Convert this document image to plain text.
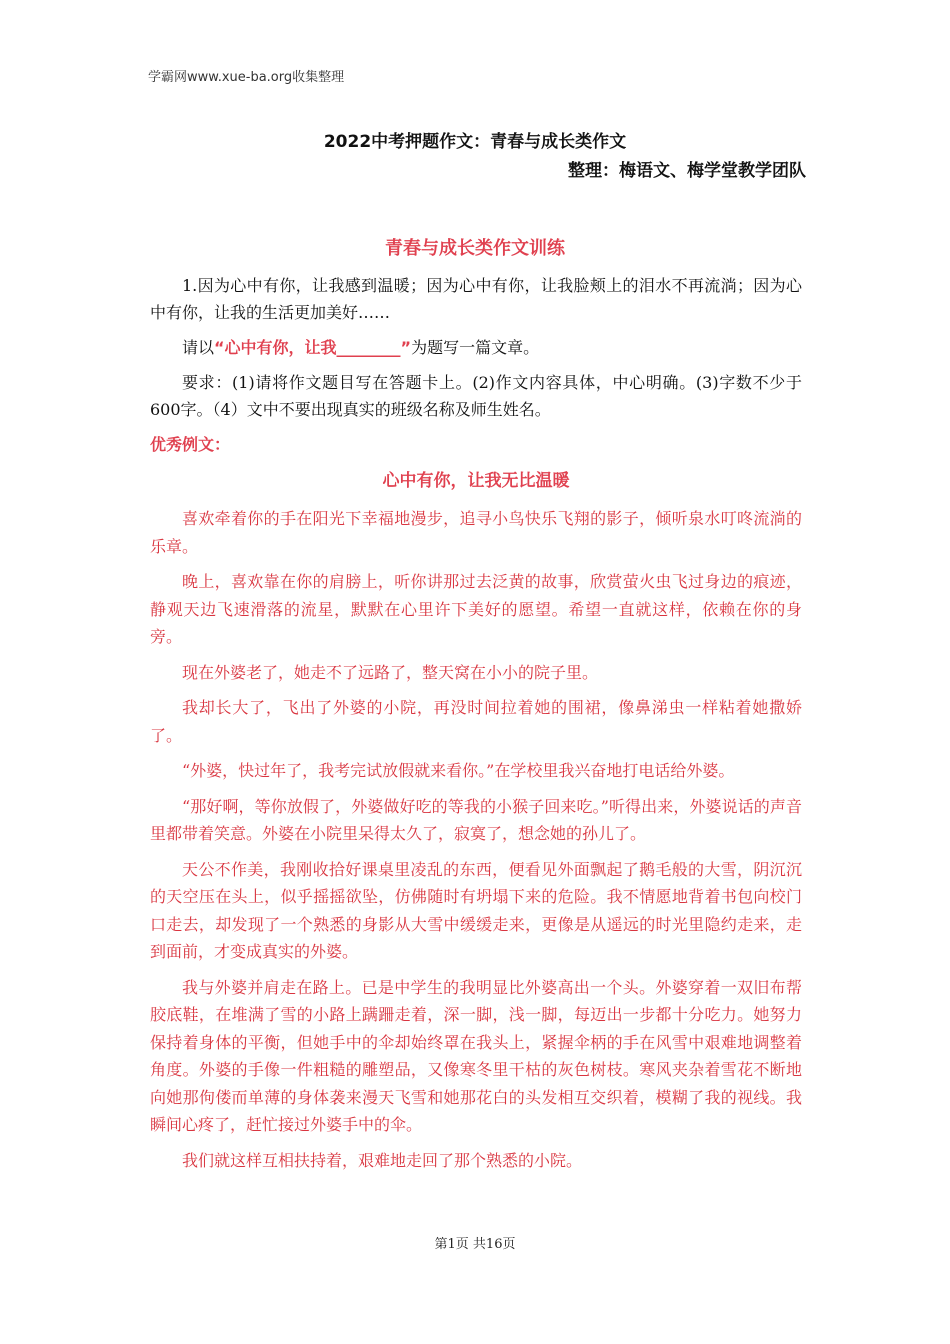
学霸网www.xue-ba.org收集整理
2022中考押题作文：青春与成长类作文
整理：梅语文、梅学堂教学团队
青春与成长类作文训练

1.因为心中有你，让我感到温暖；因为心中有你，让我脸颊上的泪水不再流淌；因为心中有你，让我的生活更加美好……

请以“心中有你，让我________”为题写一篇文章。

要求：(1)请将作文题目写在答题卡上。(2)作文内容具体，中心明确。(3)字数不少于600字。（4）文中不要出现真实的班级名称及师生姓名。

优秀例文：
心中有你，让我无比温暖

喜欢牵着你的手在阳光下幸福地漫步，追寻小鸟快乐飞翔的影子，倾听泉水叮咚流淌的乐章。

晚上，喜欢靠在你的肩膀上，听你讲那过去泛黄的故事，欣赏萤火虫飞过身边的痕迹，静观天边飞速滑落的流星，默默在心里许下美好的愿望。希望一直就这样，依赖在你的身旁。

现在外婆老了，她走不了远路了，整天窝在小小的院子里。

我却长大了，飞出了外婆的小院，再没时间拉着她的围裙，像鼻涕虫一样粘着她撒娇了。

“外婆，快过年了，我考完试放假就来看你。”在学校里我兴奋地打电话给外婆。

“那好啊，等你放假了，外婆做好吃的等我的小猴子回来吃。”听得出来，外婆说话的声音里都带着笑意。外婆在小院里呆得太久了，寂寞了，想念她的孙儿了。

天公不作美，我刚收拾好课桌里凌乱的东西，便看见外面飘起了鹅毛般的大雪，阴沉沉的天空压在头上，似乎摇摇欲坠，仿佛随时有坍塌下来的危险。我不情愿地背着书包向校门口走去，却发现了一个熟悉的身影从大雪中缓缓走来，更像是从遥远的时光里隐约走来，走到面前，才变成真实的外婆。

我与外婆并肩走在路上。已是中学生的我明显比外婆高出一个头。外婆穿着一双旧布帮胶底鞋，在堆满了雪的小路上蹒跚走着，深一脚，浅一脚，每迈出一步都十分吃力。她努力保持着身体的平衡，但她手中的伞却始终罩在我头上，紧握伞柄的手在风雪中艰难地调整着角度。外婆的手像一件粗糙的雕塑品，又像寒冬里干枯的灰色树枝。寒风夹杂着雪花不断地向她那佝偻而单薄的身体袭来漫天飞雪和她那花白的头发相互交织着，模糊了我的视线。我瞬间心疼了，赶忙接过外婆手中的伞。

我们就这样互相扶持着，艰难地走回了那个熟悉的小院。

第1页 共16页
